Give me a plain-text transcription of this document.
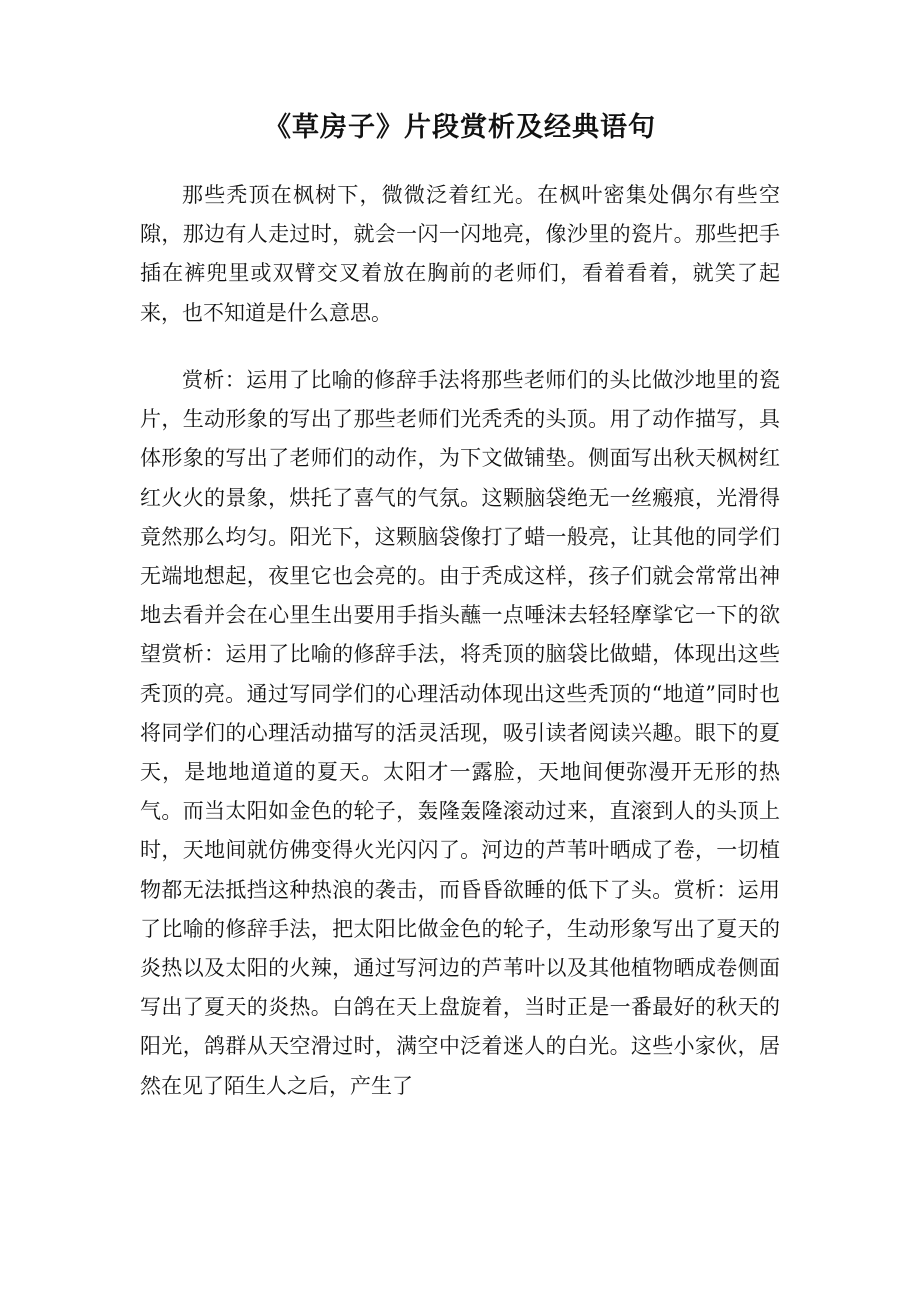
《草房子》片段赏析及经典语句

那些秃顶在枫树下，微微泛着红光。在枫叶密集处偶尔有些空隙，那边有人走过时，就会一闪一闪地亮，像沙里的瓷片。那些把手插在裤兜里或双臂交叉着放在胸前的老师们，看着看着，就笑了起来，也不知道是什么意思。

赏析：运用了比喻的修辞手法将那些老师们的头比做沙地里的瓷片，生动形象的写出了那些老师们光秃秃的头顶。用了动作描写，具体形象的写出了老师们的动作，为下文做铺垫。侧面写出秋天枫树红红火火的景象，烘托了喜气的气氛。这颗脑袋绝无一丝瘢痕，光滑得竟然那么均匀。阳光下，这颗脑袋像打了蜡一般亮，让其他的同学们无端地想起，夜里它也会亮的。由于秃成这样，孩子们就会常常出神地去看并会在心里生出要用手指头蘸一点唾沫去轻轻摩挲它一下的欲望赏析：运用了比喻的修辞手法，将秃顶的脑袋比做蜡，体现出这些秃顶的亮。通过写同学们的心理活动体现出这些秃顶的“地道”同时也将同学们的心理活动描写的活灵活现，吸引读者阅读兴趣。眼下的夏天，是地地道道的夏天。太阳才一露脸，天地间便弥漫开无形的热气。而当太阳如金色的轮子，轰隆轰隆滚动过来，直滚到人的头顶上时，天地间就仿佛变得火光闪闪了。河边的芦苇叶晒成了卷，一切植物都无法抵挡这种热浪的袭击，而昏昏欲睡的低下了头。赏析：运用了比喻的修辞手法，把太阳比做金色的轮子，生动形象写出了夏天的炎热以及太阳的火辣，通过写河边的芦苇叶以及其他植物晒成卷侧面写出了夏天的炎热。白鸽在天上盘旋着，当时正是一番最好的秋天的阳光，鸽群从天空滑过时，满空中泛着迷人的白光。这些小家伙，居然在见了陌生人之后，产生了
